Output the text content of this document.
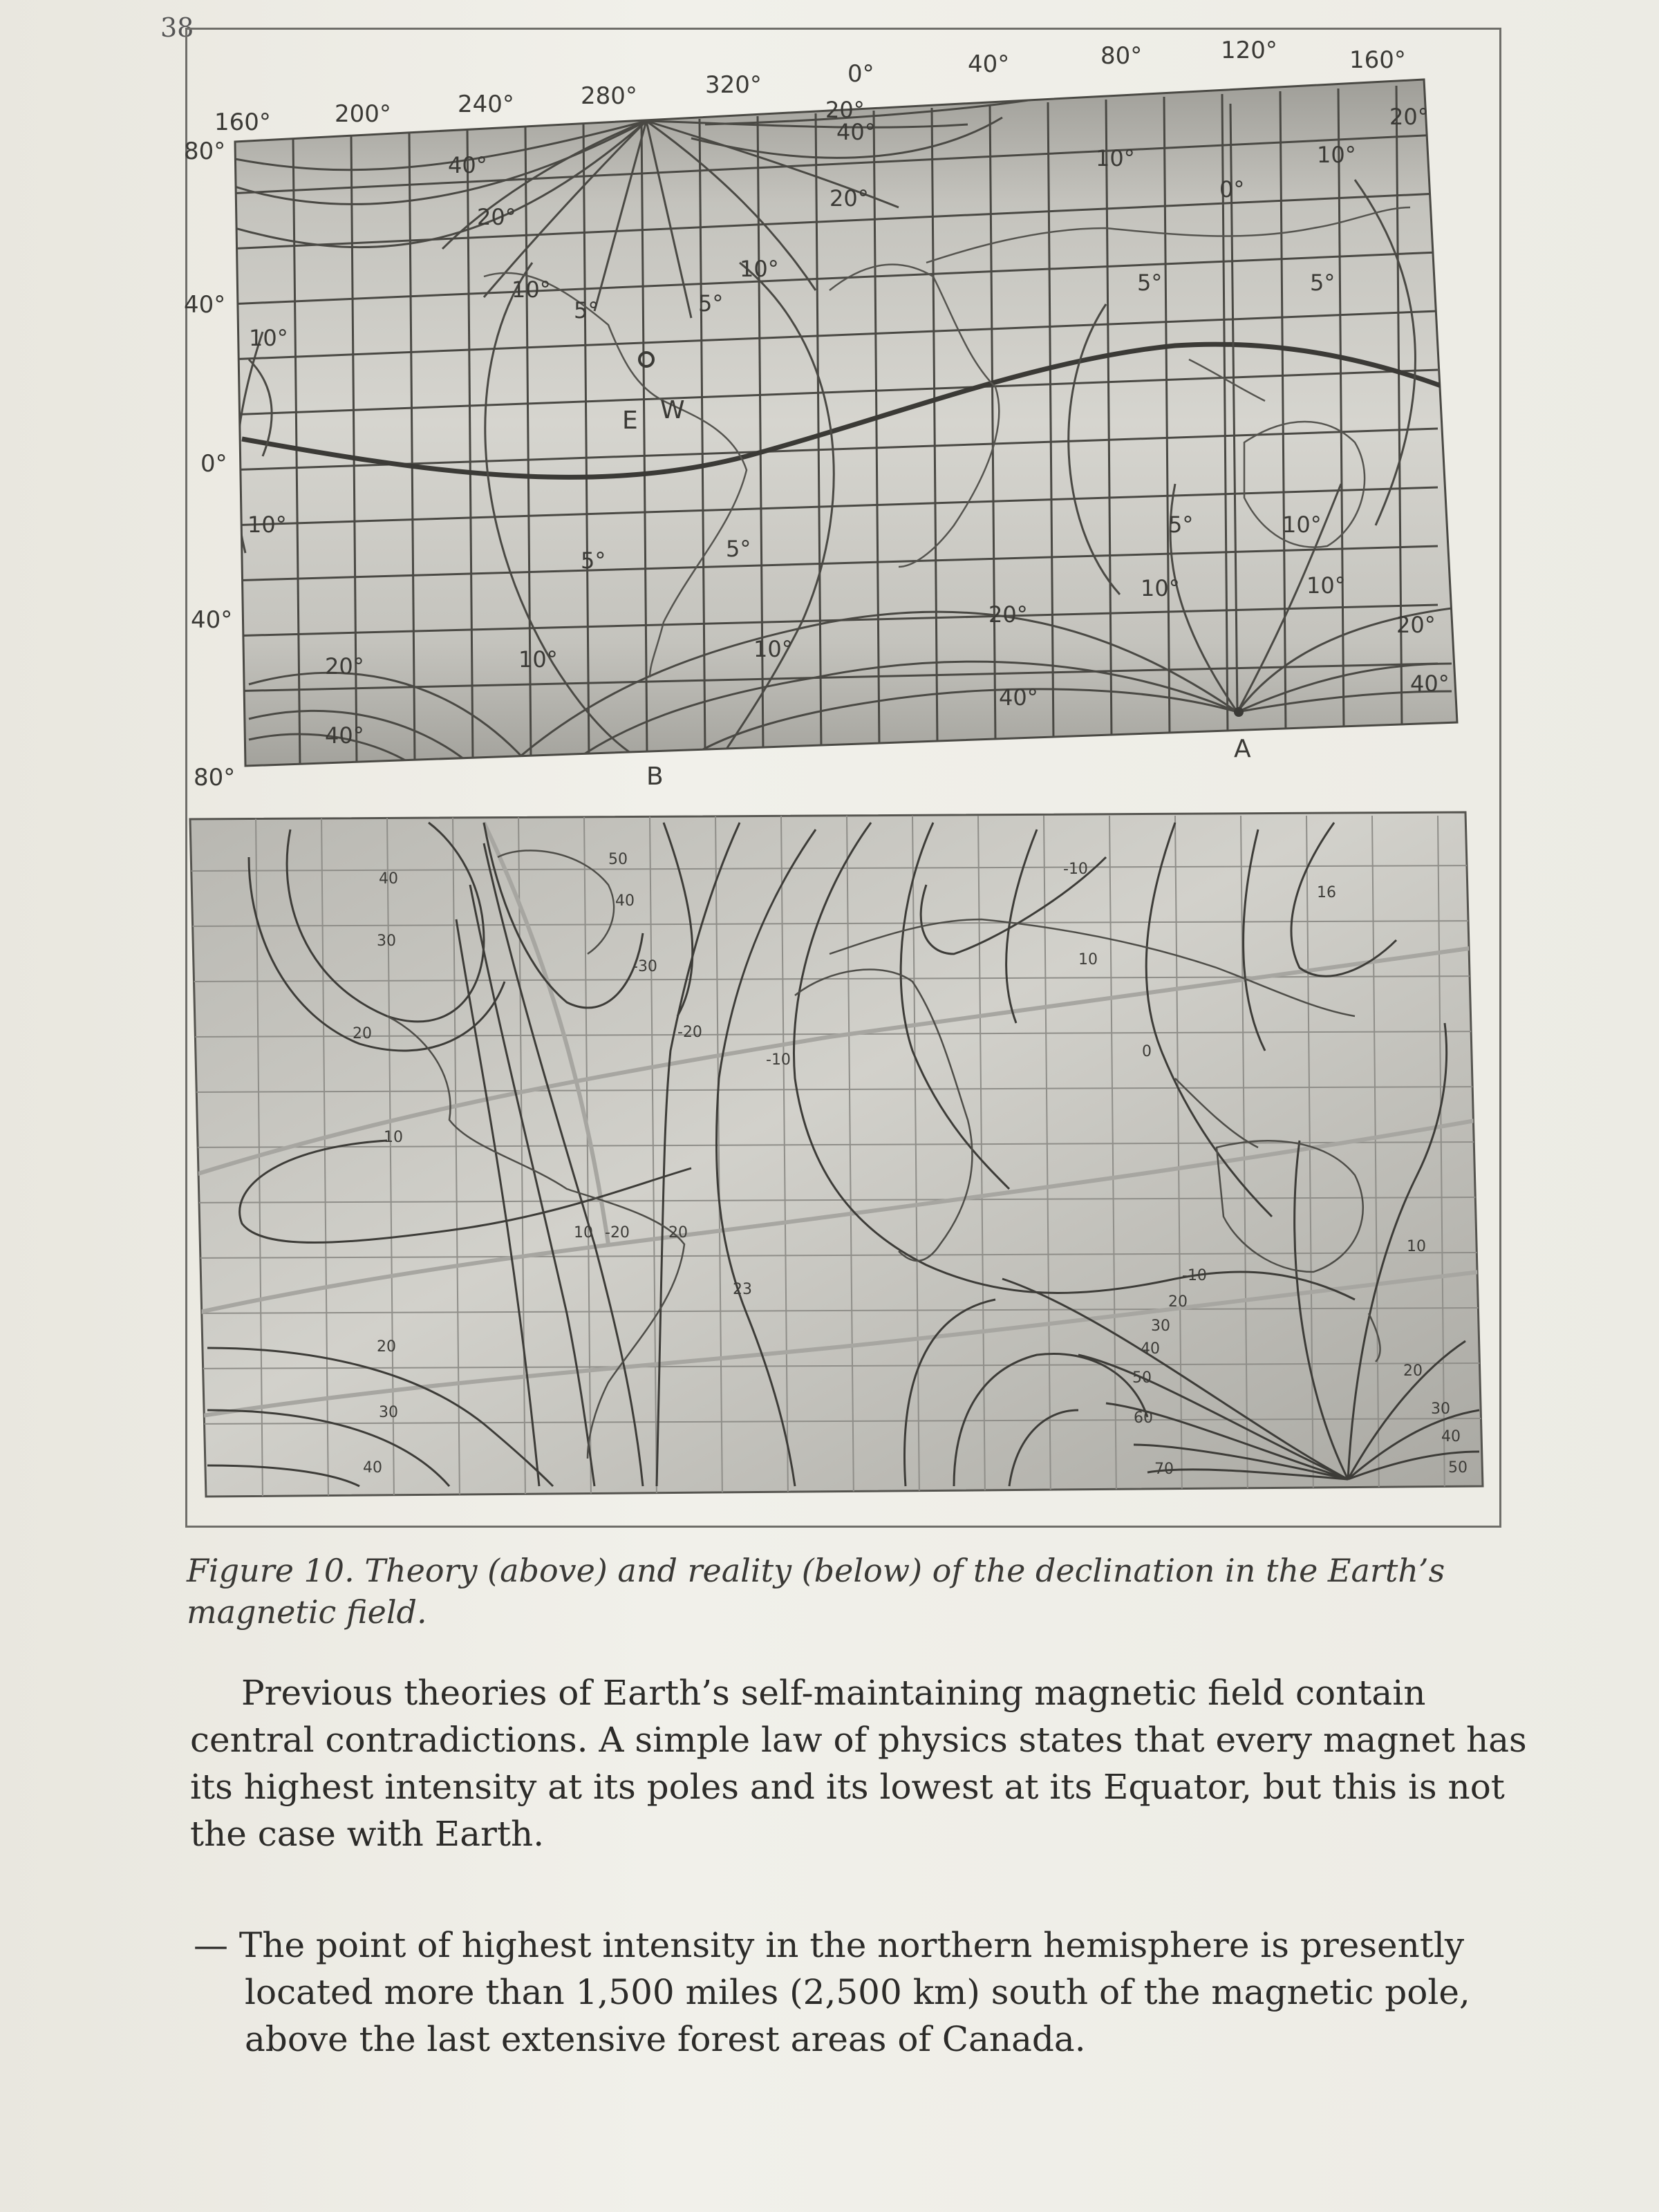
38
160°	200°	240°	280°	320°	0°	40°	80°	120°	160°
80°
40°
0°
40°
80°
40°
20°
10°
5°	5°
10°
10°
5°
40°
20°
10°
0°
10°
5°
20°
10°
5°
5°	10°
10°	10°
20°
40°
20°
40°
20°
40°
5°
10°	10°
20°
A
B
E W
40
30
20
10
50
40
-30
-20
10
0
-10
20
-20
-10
10
16
-10
20
30
40
50
60
70
20
30
40
50
10
20
30
40
23
Figure 10. Theory (above) and reality (below) of the declination in the Earth’s magnetic field.
Previous theories of Earth’s self-maintaining magnetic field contain central contradictions. A simple law of physics states that every magnet has its highest intensity at its poles and its lowest at its Equator, but this is not the case with Earth.
— The point of highest intensity in the northern hemisphere is presently located more than 1,500 miles (2,500 km) south of the magnetic pole, above the last extensive forest areas of Canada.
